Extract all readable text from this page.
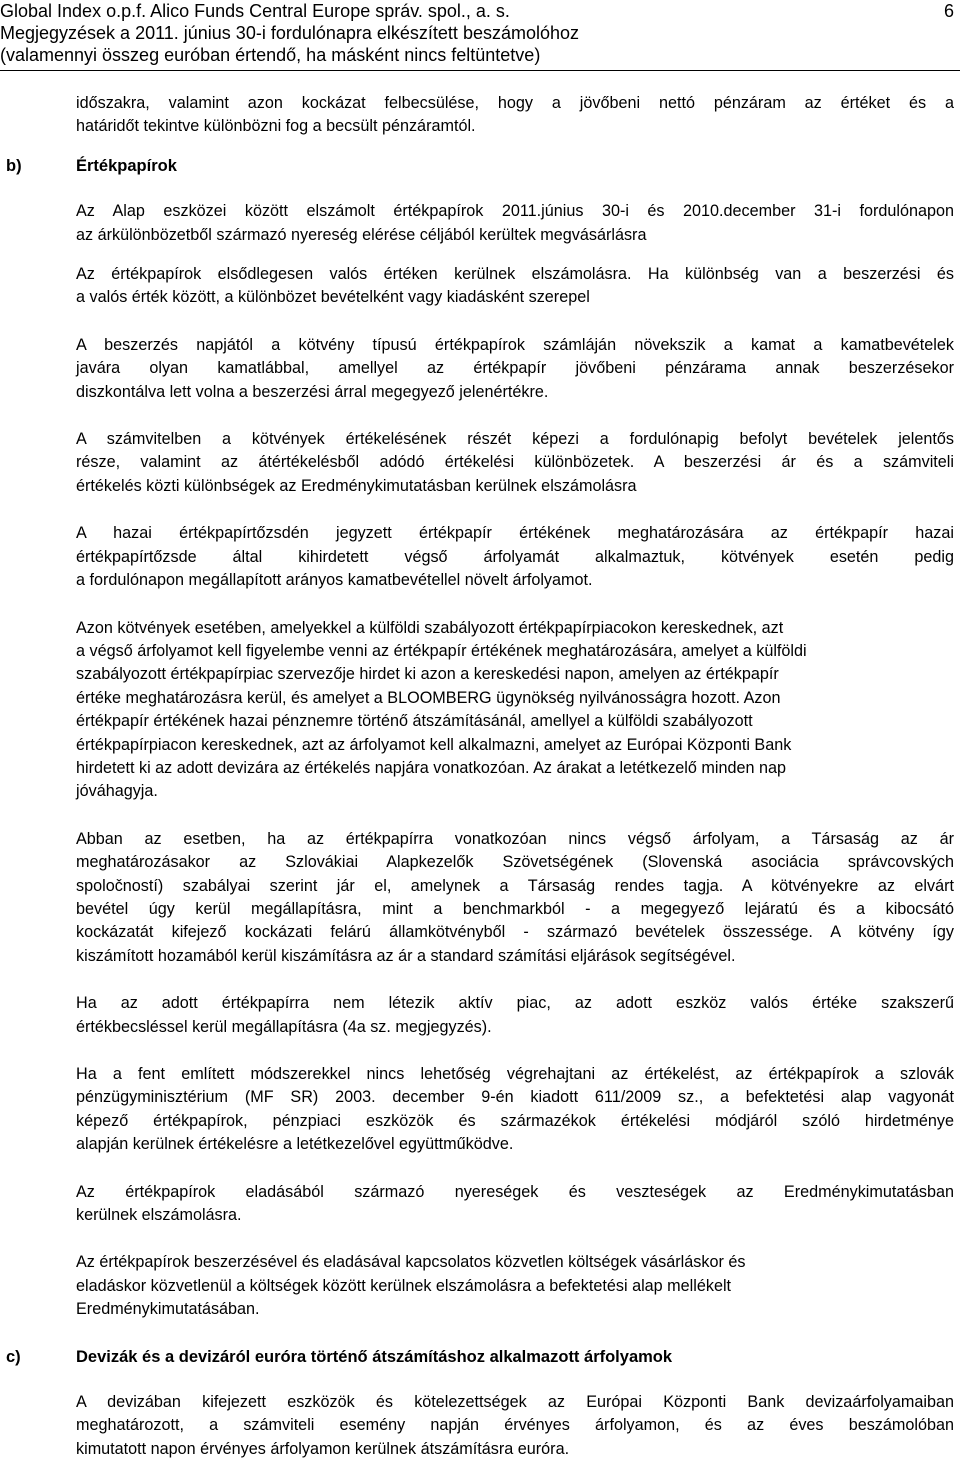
Global Index o.p.f. Alico Funds Central Europe správ. spol., a. s.
Megjegyzések a 2011. június 30-i fordulónapra elkészített beszámolóhoz
(valamennyi összeg euróban értendő, ha másként nincs feltüntetve)
6
időszakra, valamint azon kockázat felbecsülése, hogy a jövőbeni nettó pénzáram az értéket és a
határidőt tekintve különbözni fog a becsült pénzáramtól.
b)	Értékpapírok
Az Alap eszközei között elszámolt értékpapírok 2011.június 30-i és 2010.december 31-i fordulónapon
az árkülönbözetből származó nyereség elérése céljából kerültek megvásárlásra
Az értékpapírok elsődlegesen valós értéken kerülnek elszámolásra. Ha különbség van a beszerzési és
a valós érték között, a különbözet bevételként vagy kiadásként szerepel
A beszerzés napjától a kötvény típusú értékpapírok számláján növekszik a kamat a kamatbevételek
javára olyan kamatlábbal, amellyel az értékpapír jövőbeni pénzárama annak beszerzésekor
diszkontálva lett volna a beszerzési árral megegyező jelenértékre.
A számvitelben a kötvények értékelésének részét képezi a fordulónapig befolyt bevételek jelentős
része, valamint az átértékelésből adódó értékelési különbözetek. A beszerzési ár és a számviteli
értékelés közti különbségek az Eredménykimutatásban kerülnek elszámolásra
A hazai értékpapírtőzsdén jegyzett értékpapír értékének meghatározására az értékpapír hazai
értékpapírtőzsde által kihirdetett végső árfolyamát alkalmaztuk, kötvények esetén pedig
a fordulónapon megállapított arányos kamatbevétellel növelt árfolyamot.
Azon kötvények esetében, amelyekkel a külföldi szabályozott értékpapírpiacokon kereskednek, azt
a végső árfolyamot kell figyelembe venni az értékpapír értékének meghatározására, amelyet a külföldi
szabályozott értékpapírpiac szervezője hirdet ki azon a kereskedési napon, amelyen az értékpapír
értéke meghatározásra kerül, és amelyet a BLOOMBERG ügynökség nyilvánosságra hozott. Azon
értékpapír értékének hazai pénznemre történő átszámításánál, amellyel a külföldi szabályozott
értékpapírpiacon kereskednek, azt az árfolyamot kell alkalmazni, amelyet az Európai Központi Bank
hirdetett ki az adott devizára az értékelés napjára vonatkozóan. Az árakat a letétkezelő minden nap
jóváhagyja.
Abban az esetben, ha az értékpapírra vonatkozóan nincs végső árfolyam, a Társaság az ár
meghatározásakor az Szlovákiai Alapkezelők Szövetségének (Slovenská asociácia správcovských
spoločností) szabályai szerint jár el, amelynek a Társaság rendes tagja. A kötvényekre az elvárt
bevétel úgy kerül megállapításra, mint a benchmarkból - a megegyező lejáratú és a kibocsátó
kockázatát kifejező kockázati felárú államkötvényből - származó bevételek összessége. A kötvény így
kiszámított hozamából kerül kiszámításra az ár a standard számítási eljárások segítségével.
Ha az adott értékpapírra nem létezik aktív piac, az adott eszköz valós értéke szakszerű
értékbecsléssel kerül megállapításra (4a sz. megjegyzés).
Ha a fent említett módszerekkel nincs lehetőség végrehajtani az értékelést, az értékpapírok a szlovák
pénzügyminisztérium (MF SR) 2003. december 9-én kiadott 611/2009 sz., a befektetési alap vagyonát
képező értékpapírok, pénzpiaci eszközök és származékok értékelési módjáról szóló hirdetménye
alapján kerülnek értékelésre a letétkezelővel együttműködve.
Az értékpapírok eladásából származó nyereségek és veszteségek az Eredménykimutatásban
kerülnek elszámolásra.
Az értékpapírok beszerzésével és eladásával kapcsolatos közvetlen költségek vásárláskor és
eladáskor közvetlenül a költségek között kerülnek elszámolásra a befektetési alap mellékelt
Eredménykimutatásában.
c)	Devizák és a devizáról euróra történő átszámításhoz alkalmazott árfolyamok
A devizában kifejezett eszközök és kötelezettségek az Európai Központi Bank devizaárfolyamaiban
meghatározott, a számviteli esemény napján érvényes árfolyamon, és az éves beszámolóban
kimutatott napon érvényes árfolyamon kerülnek átszámításra euróra.
